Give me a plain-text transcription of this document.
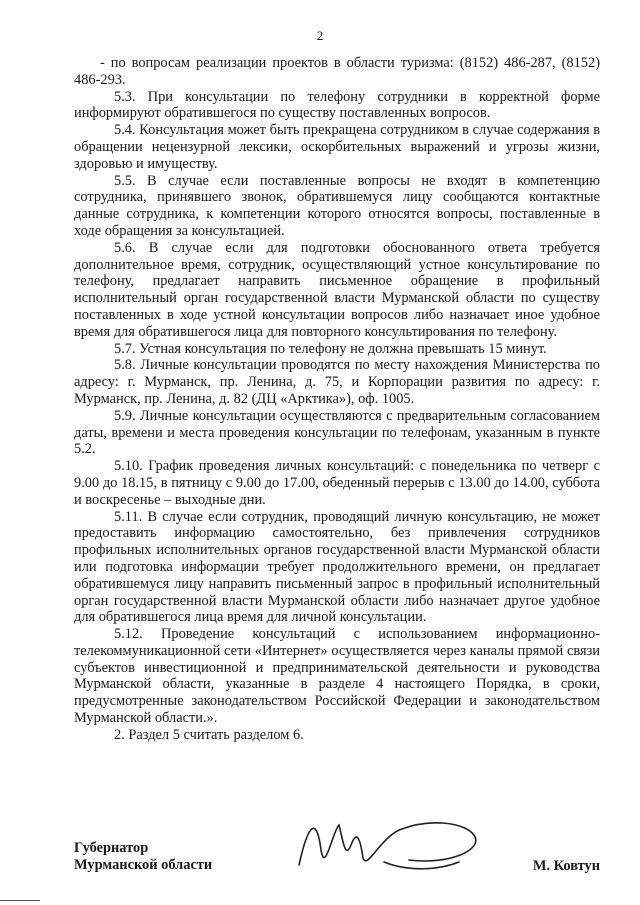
2

- по вопросам реализации проектов в области туризма: (8152) 486-287, (8152) 486-293.

5.3. При консультации по телефону сотрудники в корректной форме информируют обратившегося по существу поставленных вопросов.

5.4. Консультация может быть прекращена сотрудником в случае содержания в обращении нецензурной лексики, оскорбительных выражений и угрозы жизни, здоровью и имуществу.

5.5. В случае если поставленные вопросы не входят в компетенцию сотрудника, принявшего звонок, обратившемуся лицу сообщаются контактные данные сотрудника, к компетенции которого относятся вопросы, поставленные в ходе обращения за консультацией.

5.6. В случае если для подготовки обоснованного ответа требуется дополнительное время, сотрудник, осуществляющий устное консультирование по телефону, предлагает направить письменное обращение в профильный исполнительный орган государственной власти Мурманской области по существу поставленных в ходе устной консультации вопросов либо назначает иное удобное время для обратившегося лица для повторного консультирования по телефону.

5.7. Устная консультация по телефону не должна превышать 15 минут.

5.8. Личные консультации проводятся по месту нахождения Министерства по адресу: г. Мурманск, пр. Ленина, д. 75, и Корпорации развития по адресу: г. Мурманск, пр. Ленина, д. 82 (ДЦ «Арктика»), оф. 1005.

5.9. Личные консультации осуществляются с предварительным согласованием даты, времени и места проведения консультации по телефонам, указанным в пункте 5.2.

5.10. График проведения личных консультаций: с понедельника по четверг с 9.00 до 18.15, в пятницу с 9.00 до 17.00, обеденный перерыв с 13.00 до 14.00, суббота и воскресенье – выходные дни.

5.11. В случае если сотрудник, проводящий личную консультацию, не может предоставить информацию самостоятельно, без привлечения сотрудников профильных исполнительных органов государственной власти Мурманской области или подготовка информации требует продолжительного времени, он предлагает обратившемуся лицу направить письменный запрос в профильный исполнительный орган государственной власти Мурманской области либо назначает другое удобное для обратившегося лица время для личной консультации.

5.12. Проведение консультаций с использованием информационно-телекоммуникационной сети «Интернет» осуществляется через каналы прямой связи субъектов инвестиционной и предпринимательской деятельности и руководства Мурманской области, указанные в разделе 4 настоящего Порядка, в сроки, предусмотренные законодательством Российской Федерации и законодательством Мурманской области.».

2. Раздел 5 считать разделом 6.

Губернатор
Мурманской области	М. Ковтун
